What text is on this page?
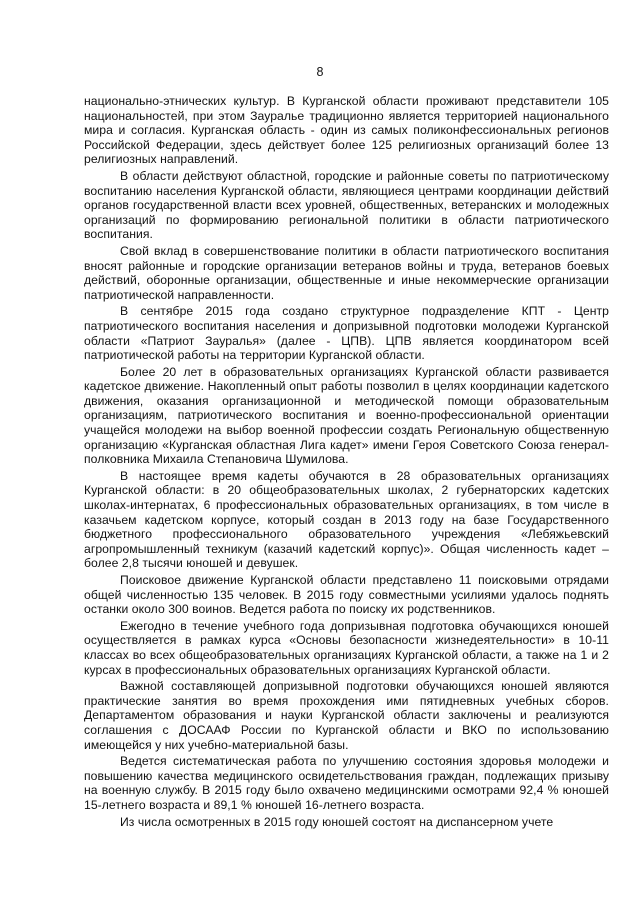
8

национально-этнических культур. В Курганской области проживают представители 105 национальностей, при этом Зауралье традиционно является территорией национального мира и согласия. Курганская область - один из самых поликонфессиональных регионов Российской Федерации, здесь действует более 125 религиозных организаций более 13 религиозных направлений.

В области действуют областной, городские и районные советы по патриотическому воспитанию населения Курганской области, являющиеся центрами координации действий органов государственной власти всех уровней, общественных, ветеранских и молодежных организаций по формированию региональной политики в области патриотического воспитания.

Свой вклад в совершенствование политики в области патриотического воспитания вносят районные и городские организации ветеранов войны и труда, ветеранов боевых действий, оборонные организации, общественные и иные некоммерческие организации патриотической направленности.

В сентябре 2015 года создано структурное подразделение КПТ - Центр патриотического воспитания населения и допризывной подготовки молодежи Курганской области «Патриот Зауралья» (далее - ЦПВ). ЦПВ является координатором всей патриотической работы на территории Курганской области.

Более 20 лет в образовательных организациях Курганской области развивается кадетское движение. Накопленный опыт работы позволил в целях координации кадетского движения, оказания организационной и методической помощи образовательным организациям, патриотического воспитания и военно-профессиональной ориентации учащейся молодежи на выбор военной профессии создать Региональную общественную организацию «Курганская областная Лига кадет» имени Героя Советского Союза генерал-полковника Михаила Степановича Шумилова.

В настоящее время кадеты обучаются в 28 образовательных организациях Курганской области: в 20 общеобразовательных школах, 2 губернаторских кадетских школах-интернатах, 6 профессиональных образовательных организациях, в том числе в казачьем кадетском корпусе, который создан в 2013 году на базе Государственного бюджетного профессионального образовательного учреждения «Лебяжьевский агропромышленный техникум (казачий кадетский корпус)». Общая численность кадет – более 2,8 тысячи юношей и девушек.

Поисковое движение Курганской области представлено 11 поисковыми отрядами общей численностью 135 человек. В 2015 году совместными усилиями удалось поднять останки около 300 воинов. Ведется работа по поиску их родственников.

Ежегодно в течение учебного года допризывная подготовка обучающихся юношей осуществляется в рамках курса «Основы безопасности жизнедеятельности» в 10-11 классах во всех общеобразовательных организациях Курганской области, а также на 1 и 2 курсах в профессиональных образовательных организациях Курганской области.

Важной составляющей допризывной подготовки обучающихся юношей являются практические занятия во время прохождения ими пятидневных учебных сборов. Департаментом образования и науки Курганской области заключены и реализуются соглашения с ДОСААФ России по Курганской области и ВКО по использованию имеющейся у них учебно-материальной базы.

Ведется систематическая работа по улучшению состояния здоровья молодежи и повышению качества медицинского освидетельствования граждан, подлежащих призыву на военную службу. В 2015 году было охвачено медицинскими осмотрами 92,4 % юношей 15-летнего возраста и 89,1 % юношей 16-летнего возраста.

Из числа осмотренных в 2015 году юношей состоят на диспансерном учете
